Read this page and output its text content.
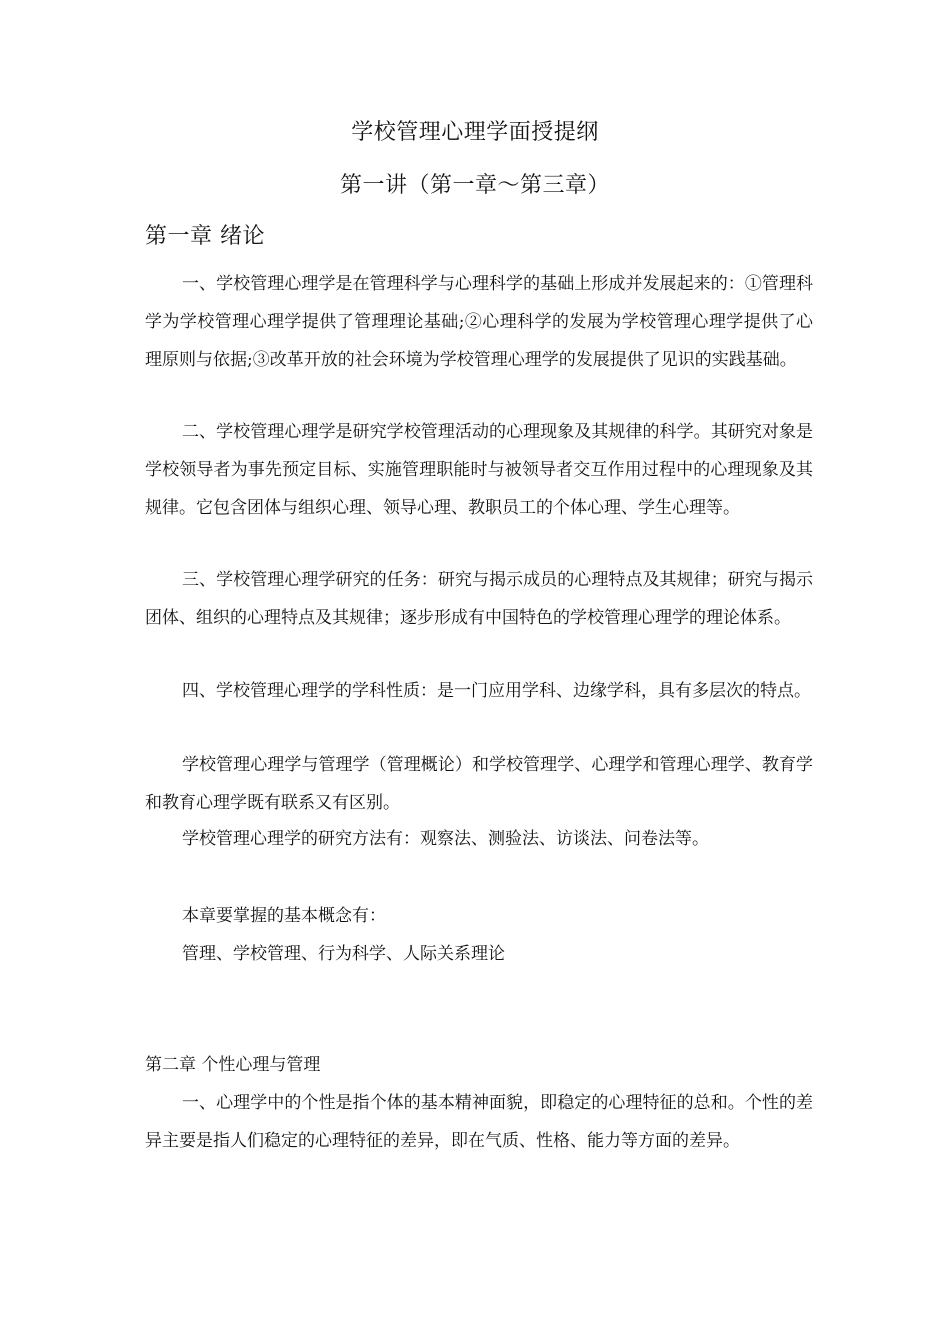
学校管理心理学面授提纲
第一讲（第一章～第三章）
第一章 绪论
一、学校管理心理学是在管理科学与心理科学的基础上形成并发展起来的：①管理科学为学校管理心理学提供了管理理论基础;②心理科学的发展为学校管理心理学提供了心理原则与依据;③改革开放的社会环境为学校管理心理学的发展提供了见识的实践基础。
二、学校管理心理学是研究学校管理活动的心理现象及其规律的科学。其研究对象是学校领导者为事先预定目标、实施管理职能时与被领导者交互作用过程中的心理现象及其规律。它包含团体与组织心理、领导心理、教职员工的个体心理、学生心理等。
三、学校管理心理学研究的任务：研究与揭示成员的心理特点及其规律；研究与揭示团体、组织的心理特点及其规律；逐步形成有中国特色的学校管理心理学的理论体系。
四、学校管理心理学的学科性质：是一门应用学科、边缘学科，具有多层次的特点。
学校管理心理学与管理学（管理概论）和学校管理学、心理学和管理心理学、教育学和教育心理学既有联系又有区别。
学校管理心理学的研究方法有：观察法、测验法、访谈法、问卷法等。
本章要掌握的基本概念有：
管理、学校管理、行为科学、人际关系理论
第二章 个性心理与管理
一、心理学中的个性是指个体的基本精神面貌，即稳定的心理特征的总和。个性的差异主要是指人们稳定的心理特征的差异，即在气质、性格、能力等方面的差异。
